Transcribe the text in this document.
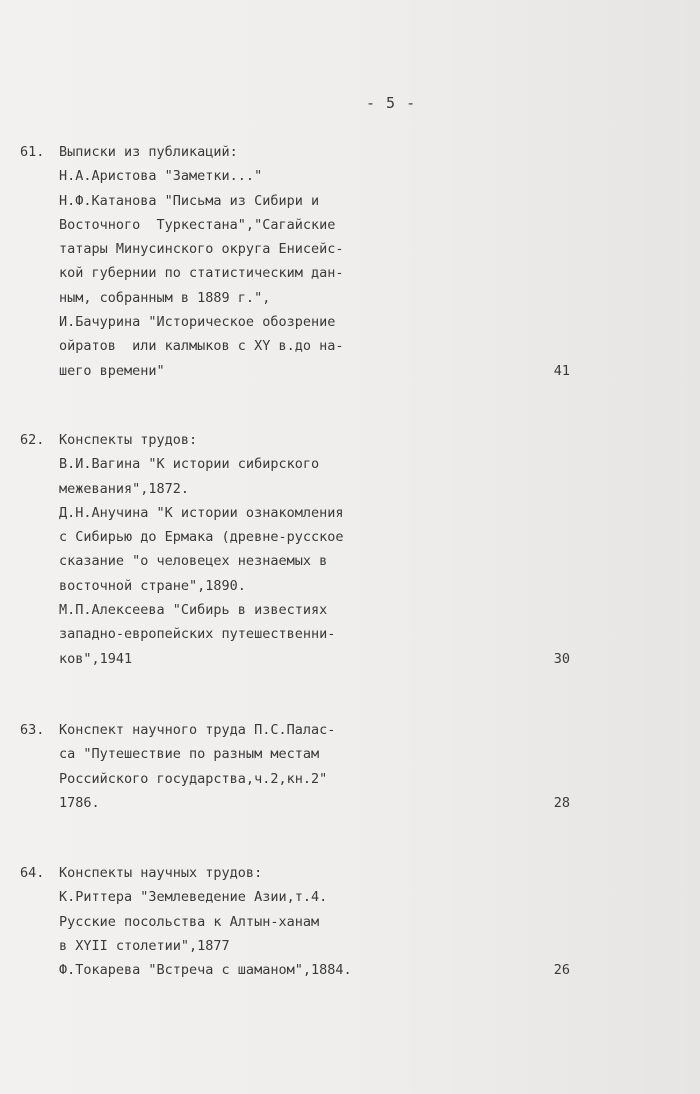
- 5 -
61. Выписки из публикаций:
Н.А.Аристова "Заметки..."
Н.Ф.Катанова "Письма из Сибири и
Восточного  Туркестана","Сагайские
татары Минусинского округа Енисейс-
кой губернии по статистическим дан-
ным, собранным в 1889 г.",
И.Бачурина "Историческое обозрение
ойратов  или калмыков с XY в.до на-
шего времени"	41
62. Конспекты трудов:
В.И.Вагина "К истории сибирского
межевания",1872.
Д.Н.Анучина "К истории ознакомления
с Сибирью до Ермака (древне-русское
сказание "о человецех незнаемых в
восточной стране",1890.
М.П.Алексеева "Сибирь в известиях
западно-европейских путешественни-
ков",1941	30
63. Конспект научного труда П.С.Палас-
са "Путешествие по разным местам
Российского государства,ч.2,кн.2"
1786.	28
64. Конспекты научных трудов:
К.Риттера "Землеведение Азии,т.4.
Русские посольства к Алтын-ханам
в XYII столетии",1877
Ф.Токарева "Встреча с шаманом",1884.	26
